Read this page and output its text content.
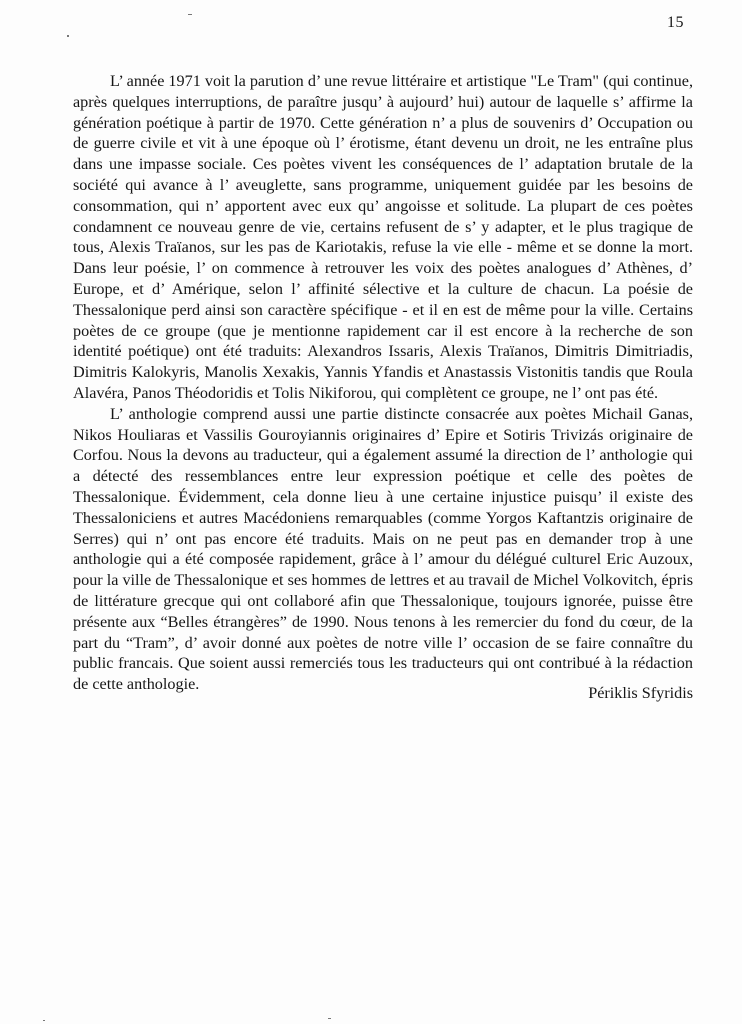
15

L’ année 1971 voit la parution d’ une revue littéraire et artistique "Le Tram" (qui continue, après quelques interruptions, de paraître jusqu’ à aujourd’ hui) autour de laquelle s’ affirme la génération poétique à partir de 1970. Cette génération n’ a plus de souvenirs d’ Occupation ou de guerre civile et vit à une époque où l’ érotisme, étant devenu un droit, ne les entraîne plus dans une impasse sociale. Ces poètes vivent les conséquences de l’ adaptation brutale de la société qui avance à l’ aveuglette, sans programme, uniquement guidée par les besoins de consommation, qui n’ apportent avec eux qu’ angoisse et solitude. La plupart de ces poètes condamnent ce nouveau genre de vie, certains refusent de s’ y adapter, et le plus tragique de tous, Alexis Traïanos, sur les pas de Kariotakis, refuse la vie elle - même et se donne la mort. Dans leur poésie, l’ on commence à retrouver les voix des poètes analogues d’ Athènes, d’ Europe, et d’ Amérique, selon l’ affinité sélective et la culture de chacun. La poésie de Thessalonique perd ainsi son caractère spécifique - et il en est de même pour la ville. Certains poètes de ce groupe (que je mentionne rapidement car il est encore à la recherche de son identité poétique) ont été traduits: Alexandros Issaris, Alexis Traïanos, Dimitris Dimitriadis, Dimitris Kalokyris, Manolis Xexakis, Yannis Yfandis et Anastassis Vistonitis tandis que Roula Alavéra, Panos Théodoridis et Tolis Nikiforou, qui complètent ce groupe, ne l’ ont pas été.

L’ anthologie comprend aussi une partie distincte consacrée aux poètes Michail Ganas, Nikos Houliaras et Vassilis Gouroyiannis originaires d’ Epire et Sotiris Trivizás originaire de Corfou. Nous la devons au traducteur, qui a également assumé la direction de l’ anthologie qui a détecté des ressemblances entre leur expression poétique et celle des poètes de Thessalonique. Évidemment, cela donne lieu à une certaine injustice puisqu’ il existe des Thessaloniciens et autres Macédoniens remarquables (comme Yorgos Kaftantzis originaire de Serres) qui n’ ont pas encore été traduits. Mais on ne peut pas en demander trop à une anthologie qui a été composée rapidement, grâce à l’ amour du délégué culturel Eric Auzoux, pour la ville de Thessalonique et ses hommes de lettres et au travail de Michel Volkovitch, épris de littérature grecque qui ont collaboré afin que Thessalonique, toujours ignorée, puisse être présente aux “Belles étrangères” de 1990. Nous tenons à les remercier du fond du cœur, de la part du “Tram”, d’ avoir donné aux poètes de notre ville l’ occasion de se faire connaître du public francais. Que soient aussi remerciés tous les traducteurs qui ont contribué à la rédaction de cette anthologie.	Périklis Sfyridis
